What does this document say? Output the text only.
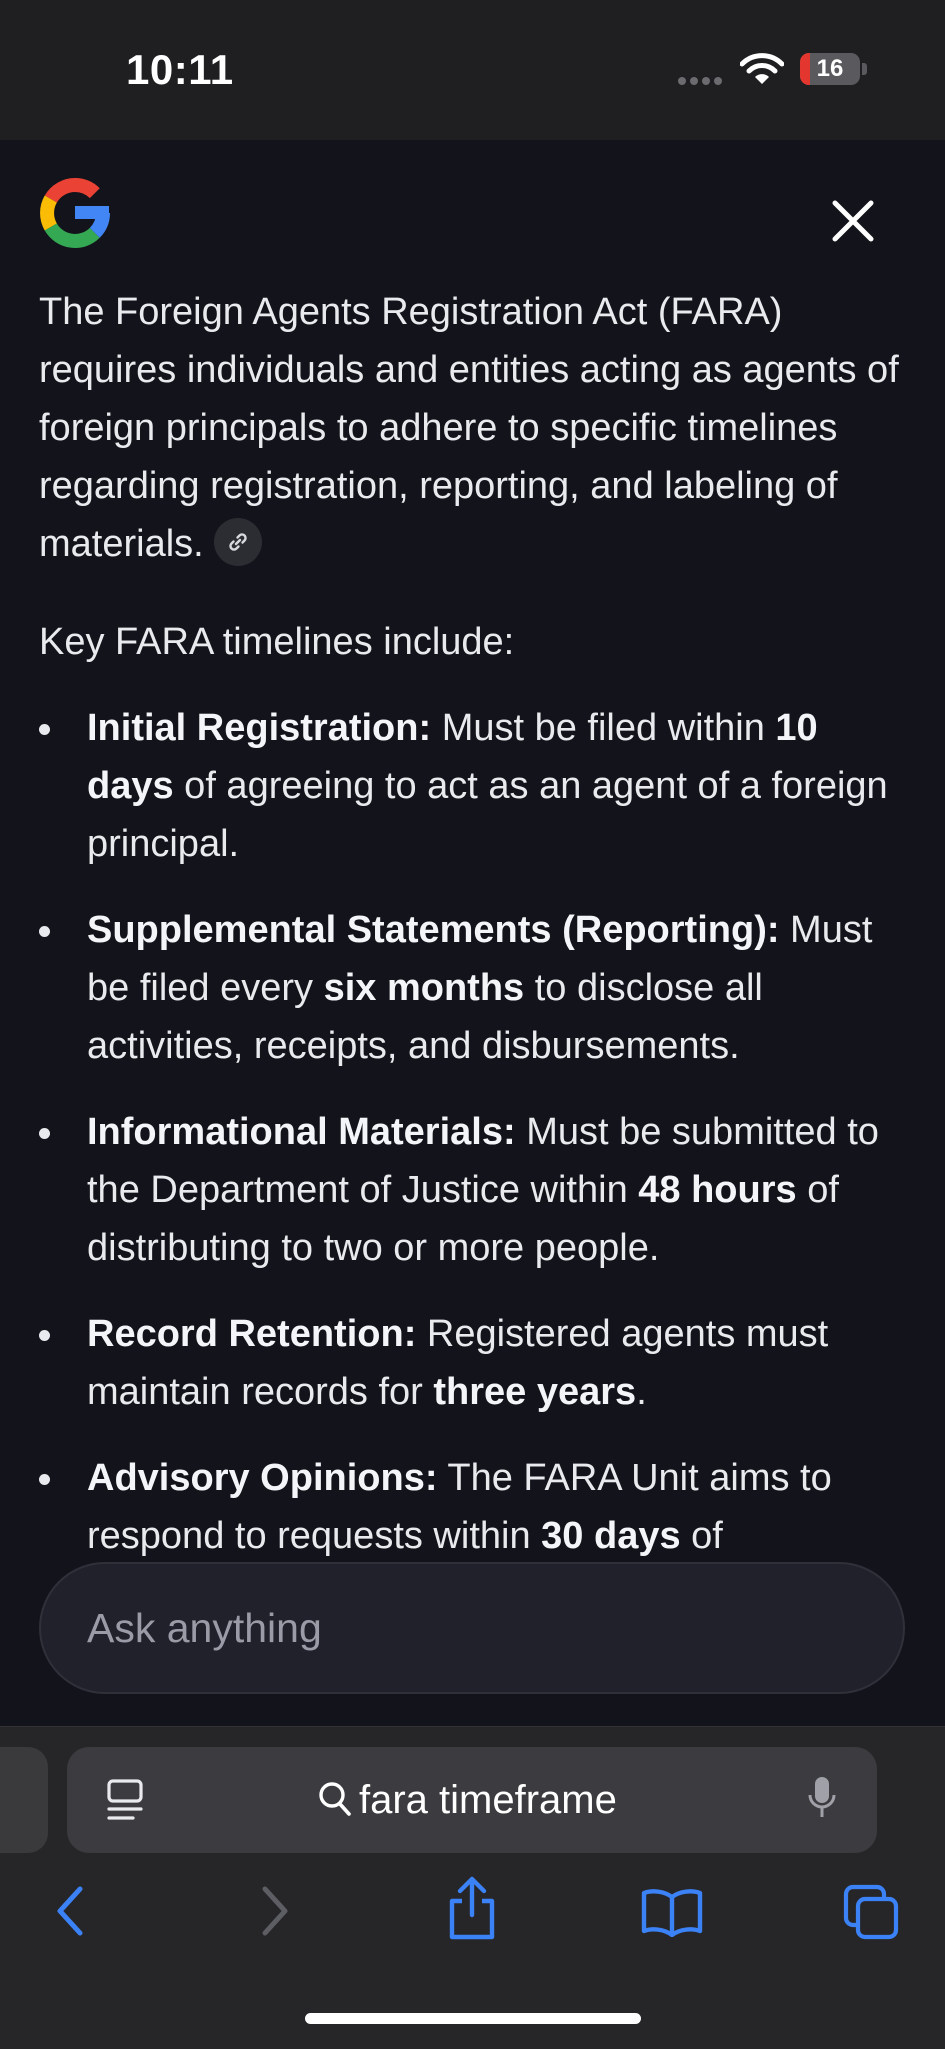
10:11	16

The Foreign Agents Registration Act (FARA) requires individuals and entities acting as agents of foreign principals to adhere to specific timelines regarding registration, reporting, and labeling of materials.

Key FARA timelines include:

Initial Registration: Must be filed within 10 days of agreeing to act as an agent of a foreign principal.
Supplemental Statements (Reporting): Must be filed every six months to disclose all activities, receipts, and disbursements.
Informational Materials: Must be submitted to the Department of Justice within 48 hours of distributing to two or more people.
Record Retention: Registered agents must maintain records for three years.
Advisory Opinions: The FARA Unit aims to respond to requests within 30 days of
Ask anything
fara timeframe
